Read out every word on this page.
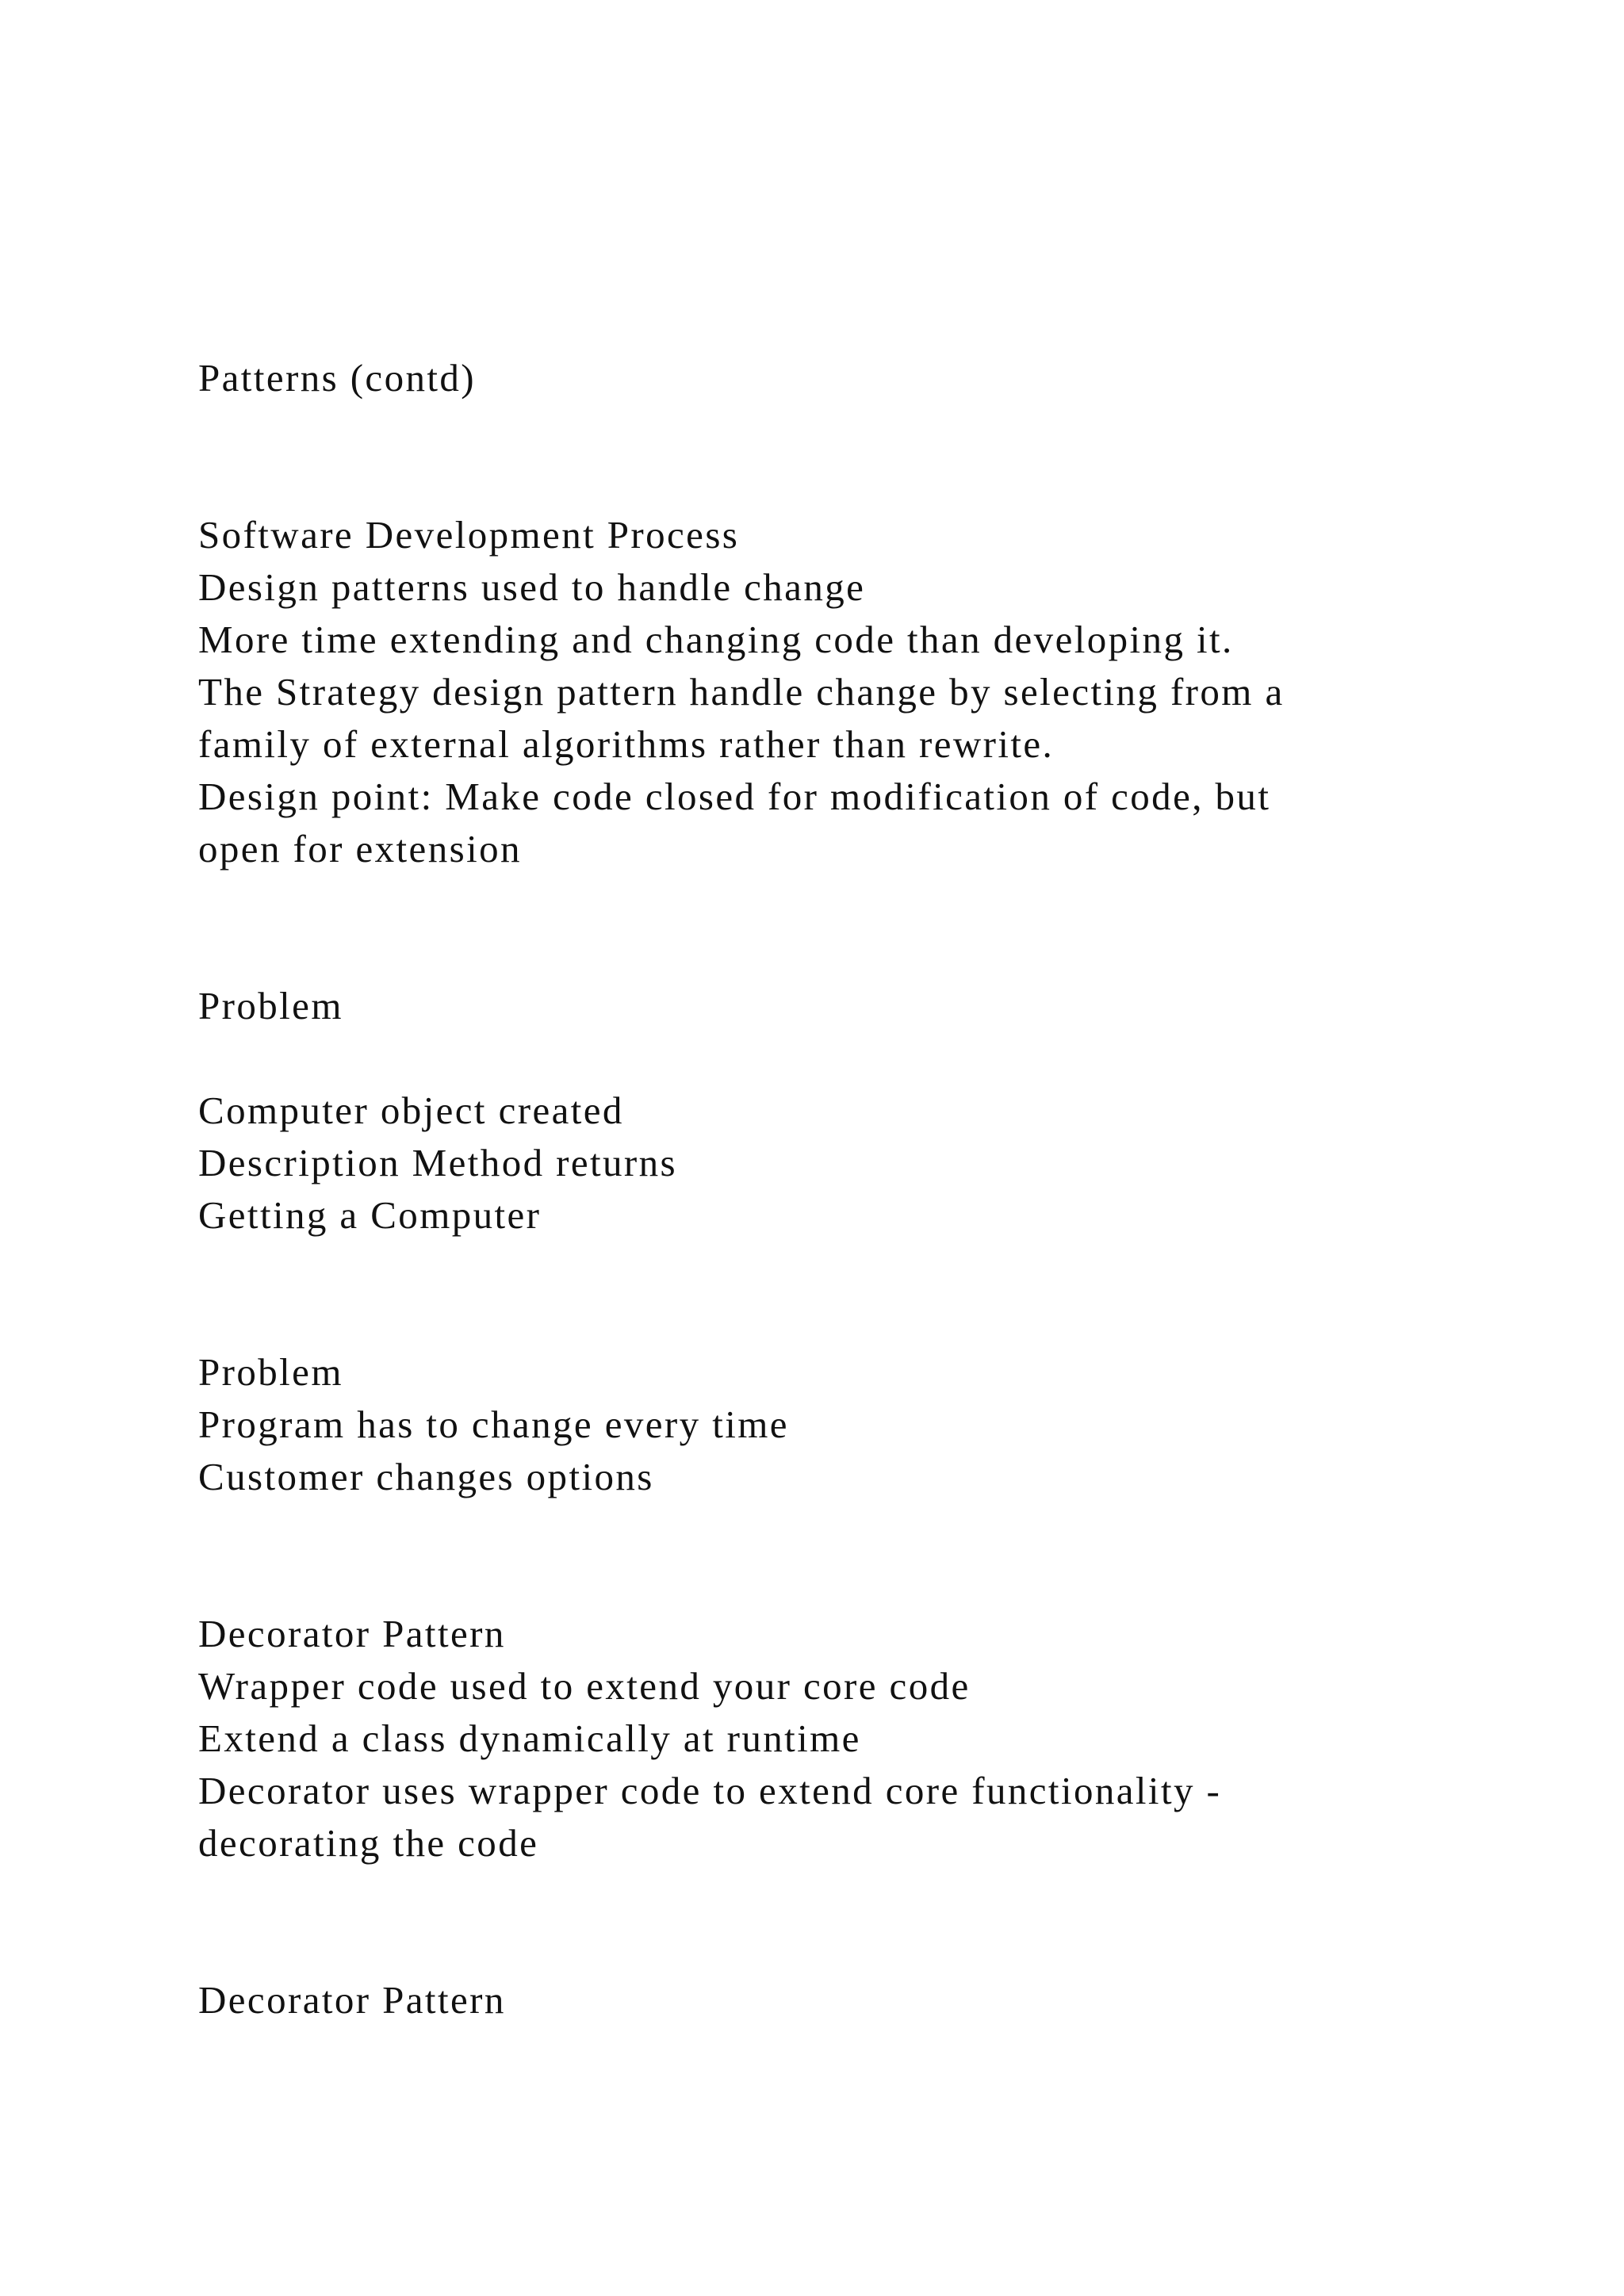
Patterns (contd)

Software Development Process

Design patterns used to handle change

More time extending and changing code than developing it.

The Strategy design pattern handle change by selecting from a

family of external algorithms rather than rewrite.

Design point: Make code closed for modification of code, but

open for extension

Problem

Computer object created

Description Method returns

Getting a Computer

Problem

Program has to change every time

Customer changes options

Decorator Pattern

Wrapper code used to extend your core code

Extend a class dynamically at runtime

Decorator uses wrapper code to extend core functionality -

decorating the code

Decorator Pattern
